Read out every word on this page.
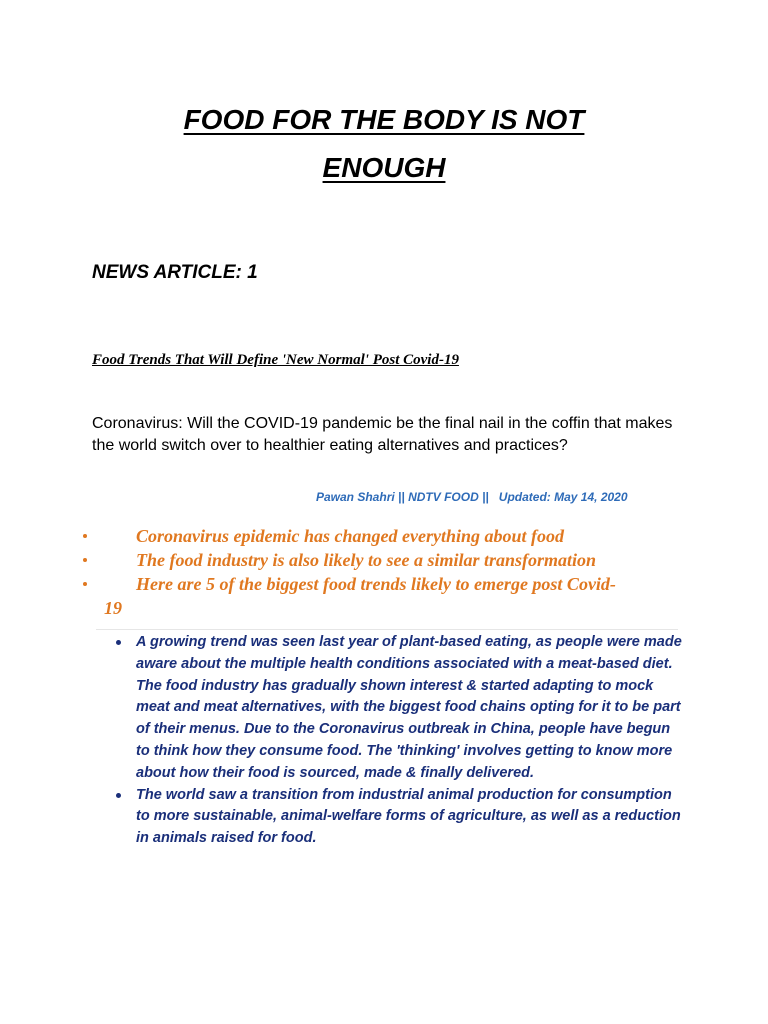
FOOD FOR THE BODY IS NOT
ENOUGH
NEWS ARTICLE: 1
Food Trends That Will Define 'New Normal' Post Covid-19
Coronavirus: Will the COVID-19 pandemic be the final nail in the coffin that makes the world switch over to healthier eating alternatives and practices?
Pawan Shahri || NDTV FOOD || Updated: May 14, 2020
Coronavirus epidemic has changed everything about food
The food industry is also likely to see a similar transformation
Here are 5 of the biggest food trends likely to emerge post Covid-
19
A growing trend was seen last year of plant-based eating, as people were made aware about the multiple health conditions associated with a meat-based diet. The food industry has gradually shown interest & started adapting to mock meat and meat alternatives, with the biggest food chains opting for it to be part of their menus. Due to the Coronavirus outbreak in China, people have begun to think how they consume food. The 'thinking' involves getting to know more about how their food is sourced, made & finally delivered.
The world saw a transition from industrial animal production for consumption to more sustainable, animal-welfare forms of agriculture, as well as a reduction in animals raised for food.
